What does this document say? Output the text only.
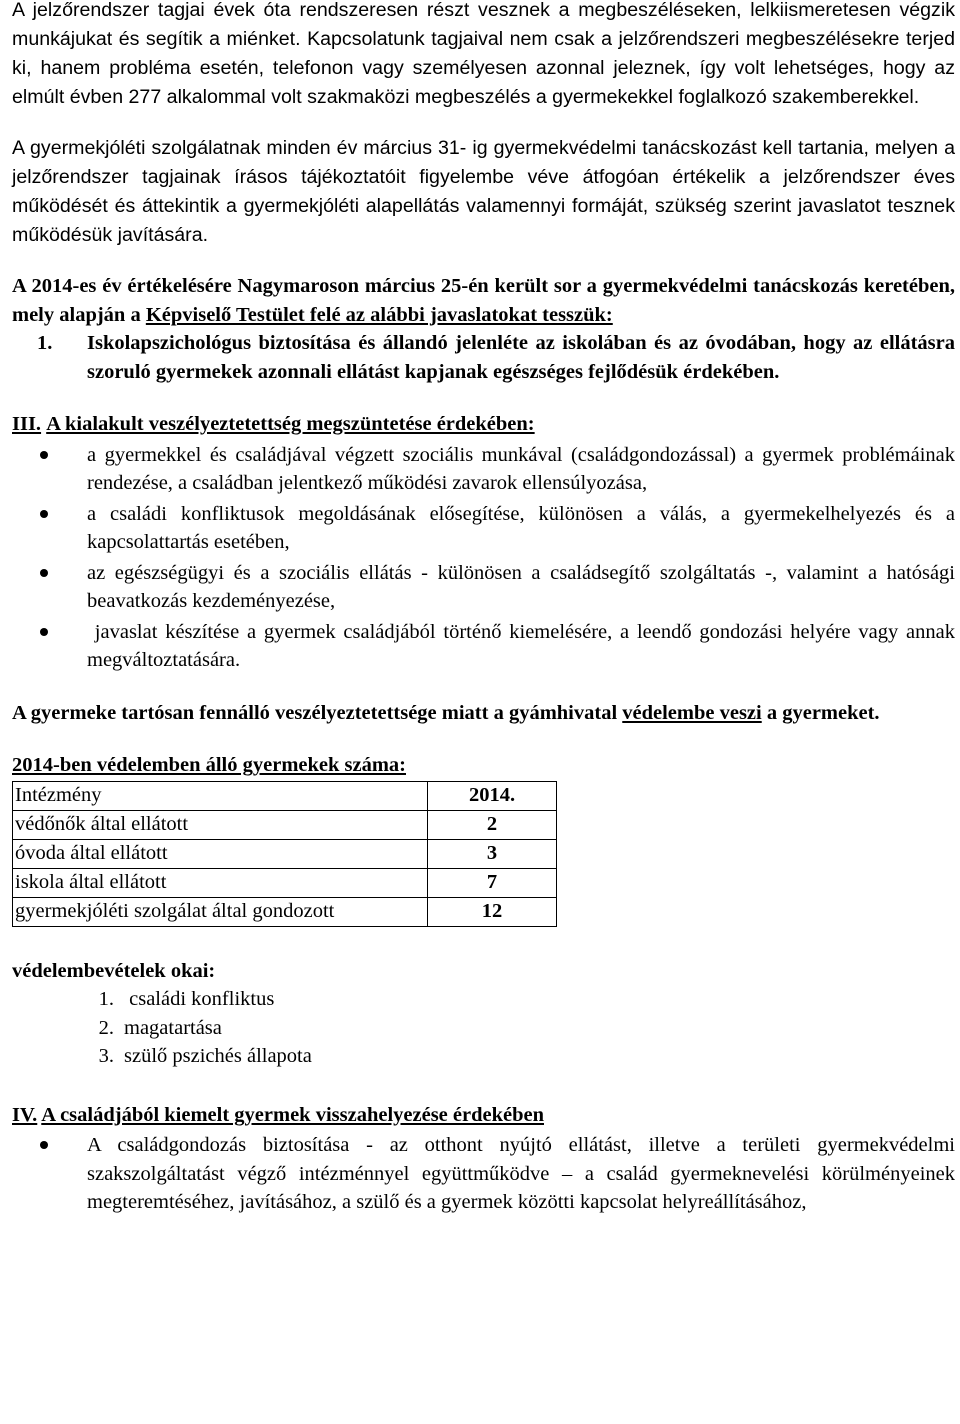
A jelzőrendszer tagjai évek óta rendszeresen részt vesznek a megbeszéléseken, lelkiismeretesen végzik munkájukat és segítik a miénket. Kapcsolatunk tagjaival nem csak a jelzőrendszeri megbeszélésekre terjed ki, hanem probléma esetén, telefonon vagy személyesen azonnal jeleznek, így volt lehetséges, hogy az elmúlt évben 277 alkalommal volt szakmaközi megbeszélés a gyermekekkel foglalkozó szakemberekkel.

A gyermekjóléti szolgálatnak minden év március 31- ig gyermekvédelmi tanácskozást kell tartania, melyen a jelzőrendszer tagjainak írásos tájékoztatóit figyelembe véve átfogóan értékelik a jelzőrendszer éves működését és áttekintik a gyermekjóléti alapellátás valamennyi formáját, szükség szerint javaslatot tesznek működésük javítására.

A 2014-es év értékelésére Nagymaroson március 25-én került sor a gyermekvédelmi tanácskozás keretében, mely alapján a Képviselő Testület felé az alábbi javaslatokat tesszük:

1.	Iskolapszichológus biztosítása és állandó jelenléte az iskolában és az óvodában, hogy az ellátásra szoruló gyermekek azonnali ellátást kapjanak egészséges fejlődésük érdekében.

III. A kialakult veszélyeztetettség megszüntetése érdekében:

a gyermekkel és családjával végzett szociális munkával (családgondozással) a gyermek problémáinak rendezése, a családban jelentkező működési zavarok ellensúlyozása,
a családi konfliktusok megoldásának elősegítése, különösen a válás, a gyermekelhelyezés és a kapcsolattartás esetében,
az egészségügyi és a szociális ellátás - különösen a családsegítő szolgáltatás -, valamint a hatósági beavatkozás kezdeményezése,
javaslat készítése a gyermek családjából történő kiemelésére, a leendő gondozási helyére vagy annak megváltoztatására.

A gyermeke tartósan fennálló veszélyeztetettsége miatt a gyámhivatal védelembe veszi a gyermeket.

2014-ben védelemben álló gyermekek száma:

Intézmény	2014.
védőnők által ellátott	2
óvoda által ellátott	3
iskola által ellátott	7
gyermekjóléti szolgálat által gondozott	12

védelembevételek okai:

1. családi konfliktus
2. magatartása
3. szülő pszichés állapota

IV. A családjából kiemelt gyermek visszahelyezése érdekében

A családgondozás biztosítása - az otthont nyújtó ellátást, illetve a területi gyermekvédelmi szakszolgáltatást végző intézménnyel együttműködve – a család gyermeknevelési körülményeinek megteremtéséhez, javításához, a szülő és a gyermek közötti kapcsolat helyreállításához,
